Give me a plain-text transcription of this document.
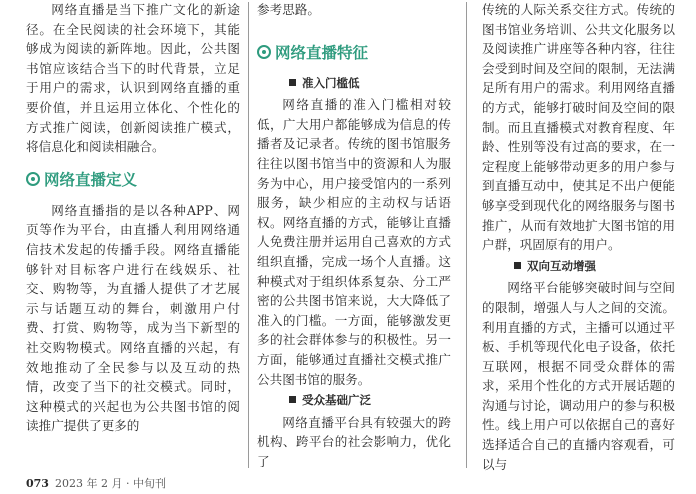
网络直播是当下推广文化的新途径。在全民阅读的社会环境下，其能够成为阅读的新阵地。因此，公共图书馆应该结合当下的时代背景，立足于用户的需求，认识到网络直播的重要价值，并且运用立体化、个性化的方式推广阅读，创新阅读推广模式，将信息化和阅读相融合。

网络直播定义

网络直播指的是以各种APP、网页等作为平台，由直播人利用网络通信技术发起的传播手段。网络直播能够针对目标客户进行在线娱乐、社交、购物等，为直播人提供了才艺展示与话题互动的舞台，刺激用户付费、打赏、购物等，成为当下新型的社交购物模式。网络直播的兴起，有效地推动了全民参与以及互动的热情，改变了当下的社交模式。同时，这种模式的兴起也为公共图书馆的阅读推广提供了更多的

参考思路。

网络直播特征
准入门槛低

网络直播的准入门槛相对较低，广大用户都能够成为信息的传播者及记录者。传统的图书馆服务往往以图书馆当中的资源和人为服务为中心，用户接受馆内的一系列服务，缺少相应的主动权与话语权。网络直播的方式，能够让直播人免费注册并运用自己喜欢的方式组织直播，完成一场个人直播。这种模式对于组织体系复杂、分工严密的公共图书馆来说，大大降低了准入的门槛。一方面，能够激发更多的社会群体参与的积极性。另一方面，能够通过直播社交模式推广公共图书馆的服务。

受众基础广泛

网络直播平台具有较强大的跨机构、跨平台的社会影响力，优化了

传统的人际关系交往方式。传统的图书馆业务培训、公共文化服务以及阅读推广讲座等各种内容，往往会受到时间及空间的限制，无法满足所有用户的需求。利用网络直播的方式，能够打破时间及空间的限制。而且直播模式对教育程度、年龄、性别等没有过高的要求，在一定程度上能够带动更多的用户参与到直播互动中，使其足不出户便能够享受到现代化的网络服务与图书推广，从而有效地扩大图书馆的用户群，巩固原有的用户。

双向互动增强

网络平台能够突破时间与空间的限制，增强人与人之间的交流。利用直播的方式，主播可以通过平板、手机等现代化电子设备，依托互联网，根据不同受众群体的需求，采用个性化的方式开展话题的沟通与讨论，调动用户的参与积极性。线上用户可以依据自己的喜好选择适合自己的直播内容观看，可以与

073 2023 年 2 月 · 中旬刊
